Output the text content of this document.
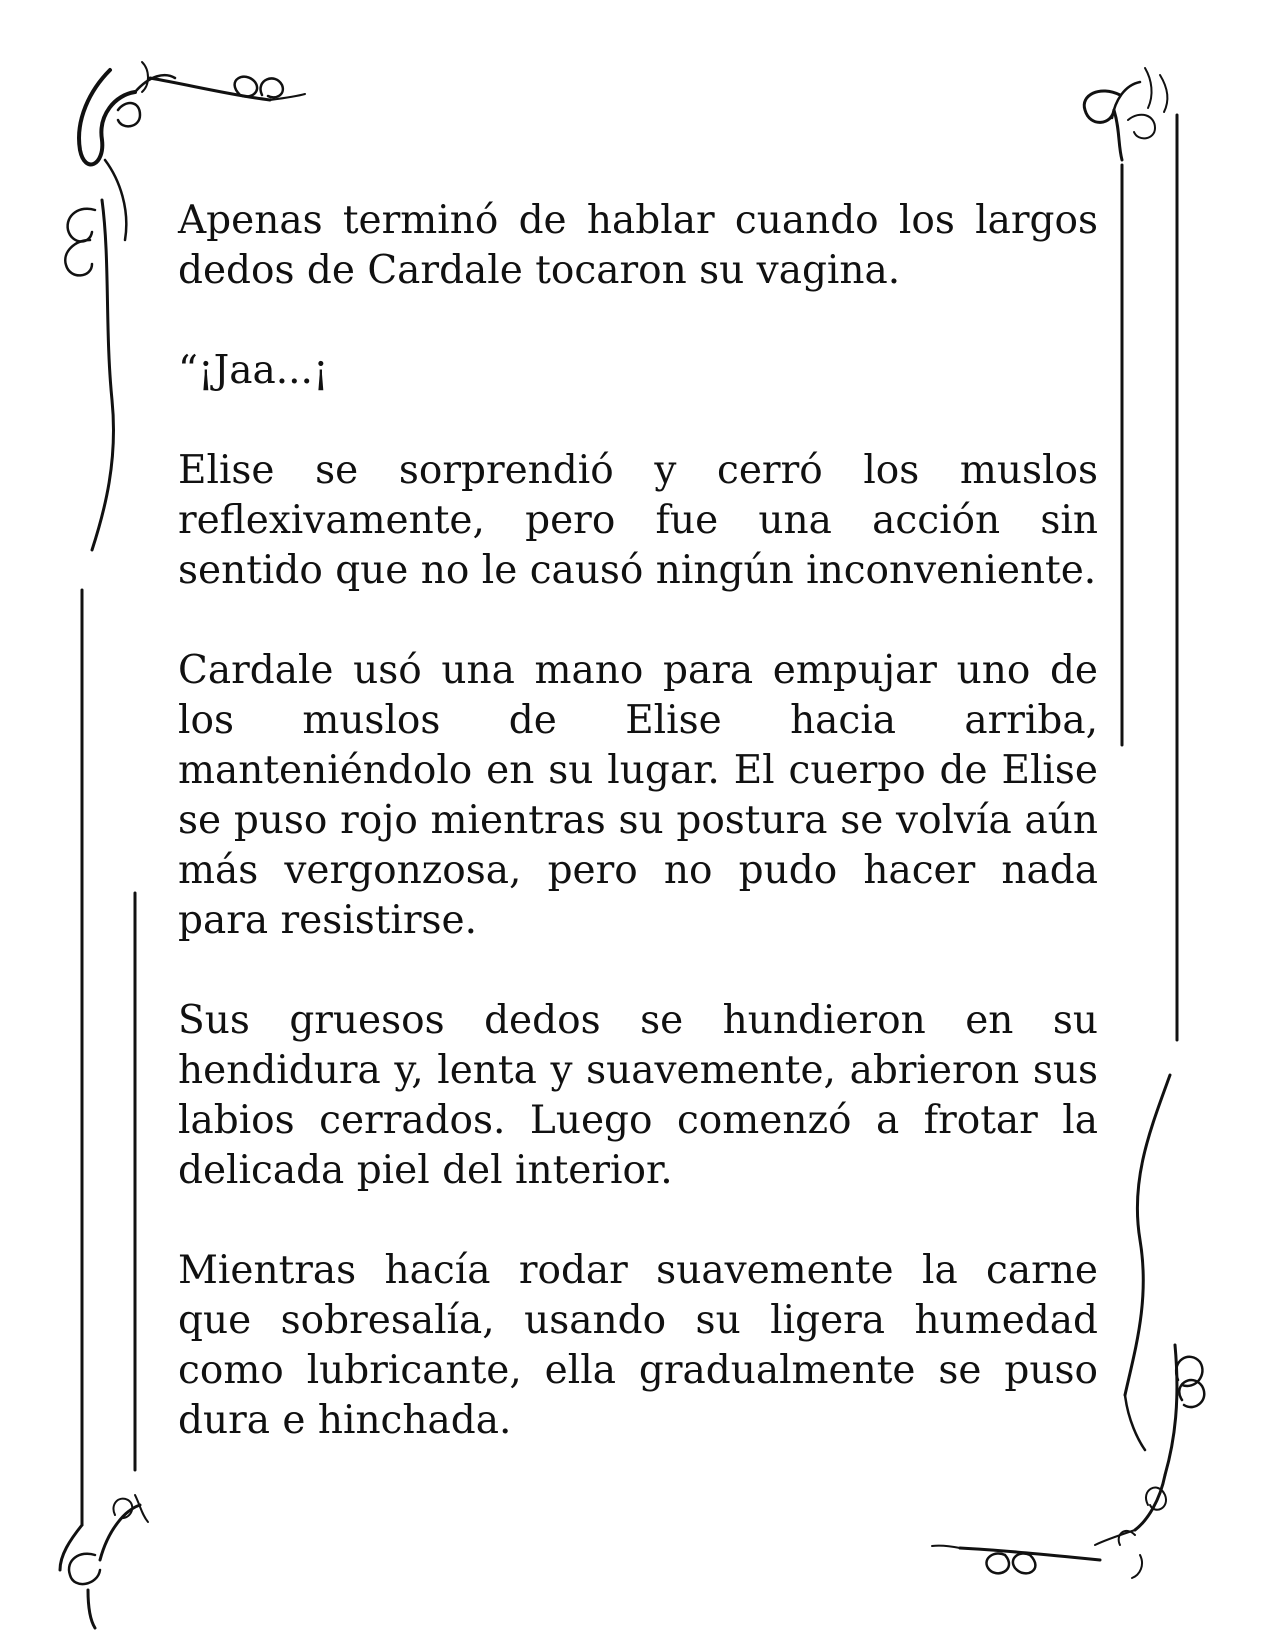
Apenas terminó de hablar cuando los largos dedos de Cardale tocaron su vagina.

“¡Jaa...¡

Elise se sorprendió y cerró los muslos reflexivamente, pero fue una acción sin sentido que no le causó ningún inconveniente.

Cardale usó una mano para empujar uno de los muslos de Elise hacia arriba, manteniéndolo en su lugar. El cuerpo de Elise se puso rojo mientras su postura se volvía aún más vergonzosa, pero no pudo hacer nada para resistirse.

Sus gruesos dedos se hundieron en su hendidura y, lenta y suavemente, abrieron sus labios cerrados. Luego comenzó a frotar la delicada piel del interior.

Mientras hacía rodar suavemente la carne que sobresalía, usando su ligera humedad como lubricante, ella gradualmente se puso dura e hinchada.
